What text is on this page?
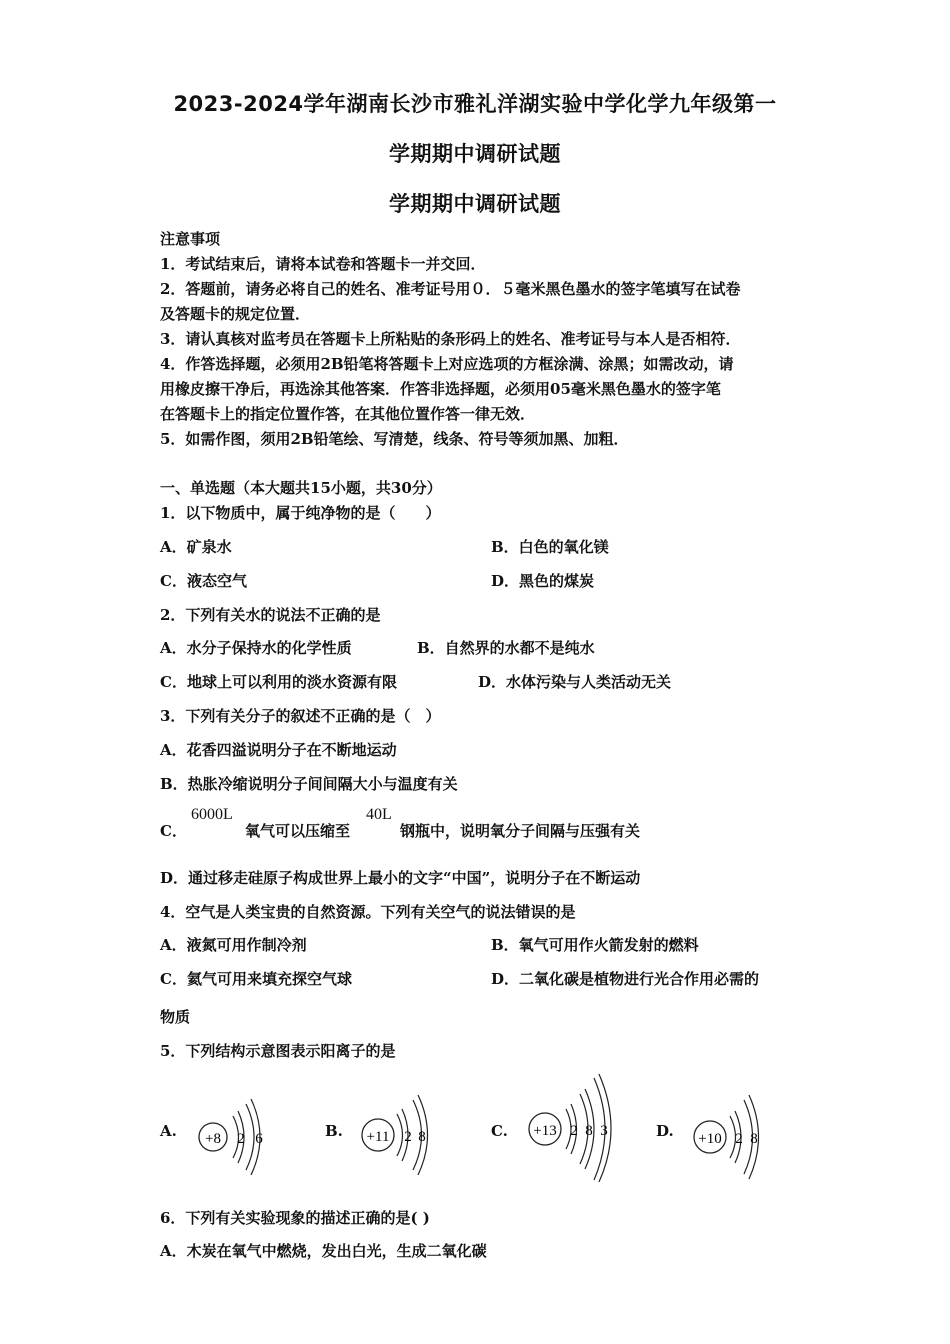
2023-2024学年湖南长沙市雅礼洋湖实验中学化学九年级第一
学期期中调研试题
学期期中调研试题
注意事项
1．考试结束后，请将本试卷和答题卡一并交回．
2．答题前，请务必将自己的姓名、准考证号用０．５毫米黑色墨水的签字笔填写在试卷
及答题卡的规定位置．
3．请认真核对监考员在答题卡上所粘贴的条形码上的姓名、准考证号与本人是否相符．
4．作答选择题，必须用2B铅笔将答题卡上对应选项的方框涂满、涂黑；如需改动，请
用橡皮擦干净后，再选涂其他答案．作答非选择题，必须用05毫米黑色墨水的签字笔
在答题卡上的指定位置作答，在其他位置作答一律无效．
5．如需作图，须用2B铅笔绘、写清楚，线条、符号等须加黑、加粗．
一、单选题（本大题共15小题，共30分）
1．以下物质中，属于纯净物的是（　　）
A．矿泉水	B．白色的氧化镁
C．液态空气	D．黑色的煤炭
2．下列有关水的说法不正确的是
A．水分子保持水的化学性质	B．自然界的水都不是纯水
C．地球上可以利用的淡水资源有限	D．水体污染与人类活动无关
3．下列有关分子的叙述不正确的是（　）
A．花香四溢说明分子在不断地运动
B．热胀冷缩说明分子间间隔大小与温度有关
C．
6000L
氧气可以压缩至
40L
钢瓶中，说明氧分子间隔与压强有关
D．通过移走硅原子构成世界上最小的文字“中国”，说明分子在不断运动
4．空气是人类宝贵的自然资源。下列有关空气的说法错误的是
A．液氮可用作制冷剂	B．氧气可用作火箭发射的燃料
C．氦气可用来填充探空气球	D．二氧化碳是植物进行光合作用必需的
物质
5．下列结构示意图表示阳离子的是
A. +8 2 6	B. +11 2 8	C. +13 2 8 3	D. +10 2 8
6．下列有关实验现象的描述正确的是( )
A．木炭在氧气中燃烧，发出白光，生成二氧化碳
